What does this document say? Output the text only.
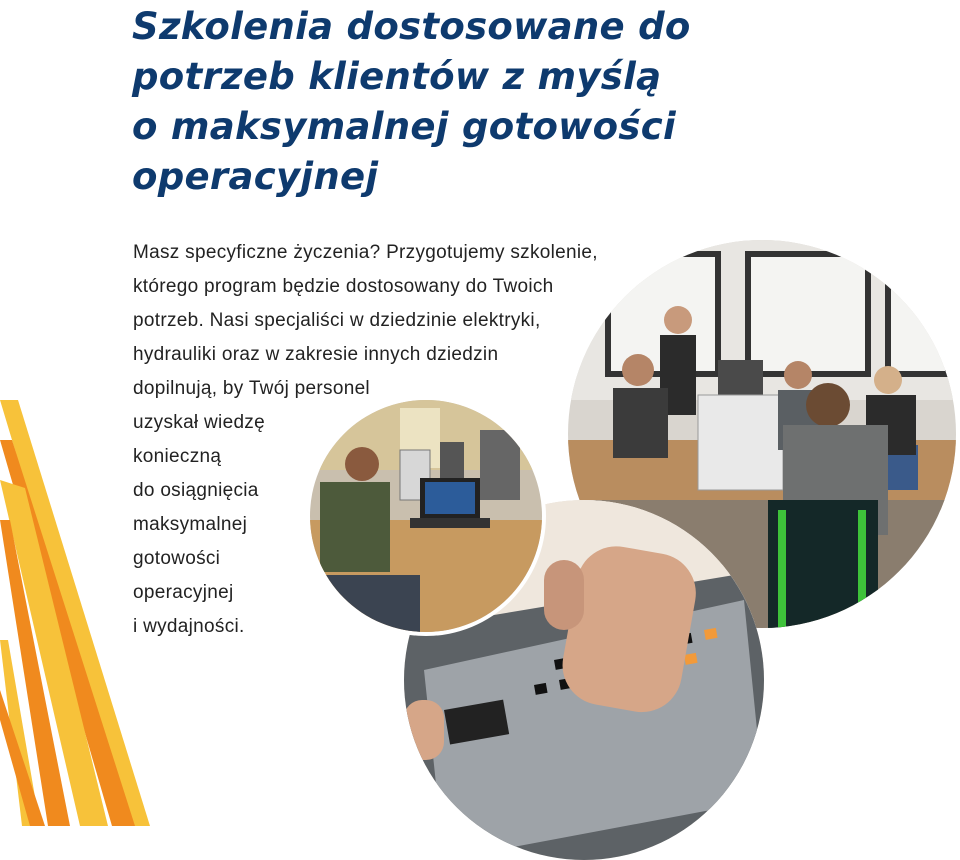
Szkolenia dostosowane do
potrzeb klientów z myślą
o maksymalnej gotowości
operacyjnej

Masz specyficzne życzenia? Przygotujemy szkolenie,
którego program będzie dostosowany do Twoich
potrzeb. Nasi specjaliści w dziedzinie elektryki,
hydrauliki oraz w zakresie innych dziedzin
dopilnują, by Twój personel
uzyskał wiedzę
konieczną
do osiągnięcia
maksymalnej
gotowości
operacyjnej
i wydajności.
